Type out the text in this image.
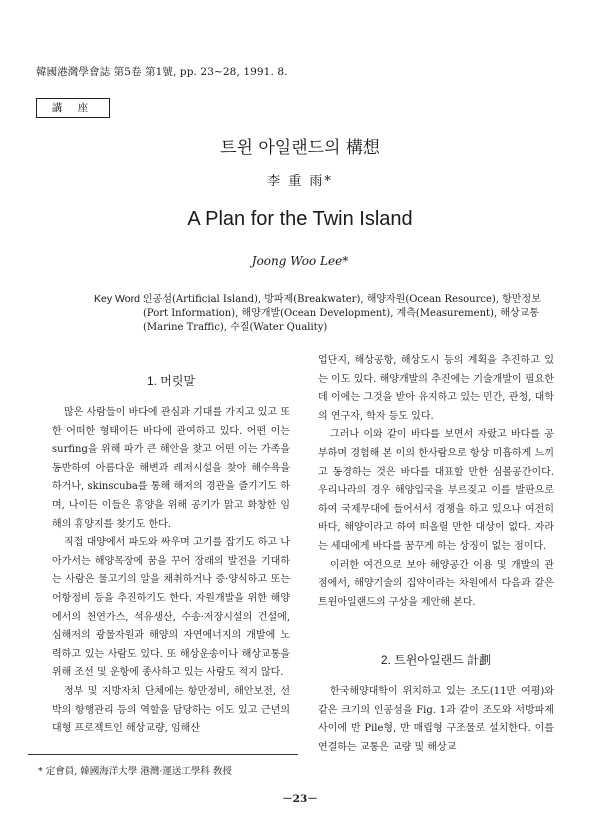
韓國港灣學會誌 第5卷 第1號, pp. 23∼28, 1991. 8.
講 座
트윈 아일랜드의 構想
李 重 雨*
A Plan for the Twin Island
Joong Woo Lee*
Key Word :
인공섬(Artificial Island), 방파제(Breakwater), 해양자원(Ocean Resource), 항만정보(Port Information), 해양개발(Ocean Development), 계측(Measurement), 해상교통(Marine Traffic), 수질(Water Quality)
1. 머릿말

많은 사람들이 바다에 관심과 기대를 가지고 있고 또한 어떠한 형태이든 바다에 관여하고 있다. 어떤 이는 surfing을 위해 파가 큰 해안을 찾고 어떤 이는 가족을 동반하여 아름다운 해변과 레저시설을 찾아 해수욕을 하거나, skinscuba를 통해 해저의 경관을 즐기기도 하며, 나이든 이들은 휴양을 위해 공기가 맑고 화창한 임해의 휴양지를 찾기도 한다.

직접 대양에서 파도와 싸우며 고기를 잡기도 하고 나아가서는 해양목장에 꿈을 꾸어 장래의 발전을 기대하는 사람은 물고기의 알을 채취하거나 증·양식하고 또는 어항정비 등을 추진하기도 한다. 자원개발을 위한 해양에서의 천연가스, 석유생산, 수송·저장시설의 건설에, 심해저의 광물자원과 해양의 자연에너지의 개발에 노력하고 있는 사람도 있다. 또 해상운송이나 해상교통을 위해 조선 및 운항에 종사하고 있는 사람도 적지 않다.

정부 및 지방자치 단체에는 항만정비, 해안보전, 선박의 항행관리 등의 역할을 담당하는 이도 있고 근년의 대형 프로젝트인 해상교량, 임해산

업단지, 해상공항, 해상도시 등의 계획을 추진하고 있는 이도 있다. 해양개발의 추진에는 기술개발이 필요한 데 이에는 그것을 받아 유지하고 있는 민간, 관청, 대학의 연구자, 학자 등도 있다.

그러나 이와 같이 바다를 보면서 자랐고 바다를 공부하며 경험해 본 이의 한사람으로 항상 미흡하게 느끼고 동경하는 것은 바다를 대표할 만한 심볼공간이다. 우리나라의 경우 해양입국을 부르짖고 이를 발판으로 하여 국제무대에 들어서서 경쟁을 하고 있으나 여전히 바다, 해양이라고 하여 떠올릴 만한 대상이 없다. 자라는 세대에게 바다를 꿈꾸게 하는 상징이 없는 점이다.

이러한 여건으로 보아 해양공간 이용 및 개발의 관점에서, 해양기술의 집약이라는 차원에서 다음과 같은 트윈아일랜드의 구상을 제안해 본다.

2. 트윈아일랜드 計劃

한국해양대학이 위치하고 있는 조도(11만 여평)와 같은 크기의 인공섬을 Fig. 1과 같이 조도와 서방파제 사이에 반 Pile형, 반 매립형 구조물로 설치한다. 이를 연결하는 교통은 교량 및 해상교

* 定會員, 韓國海洋大學 港灣·運送工學科 敎授
－23－
